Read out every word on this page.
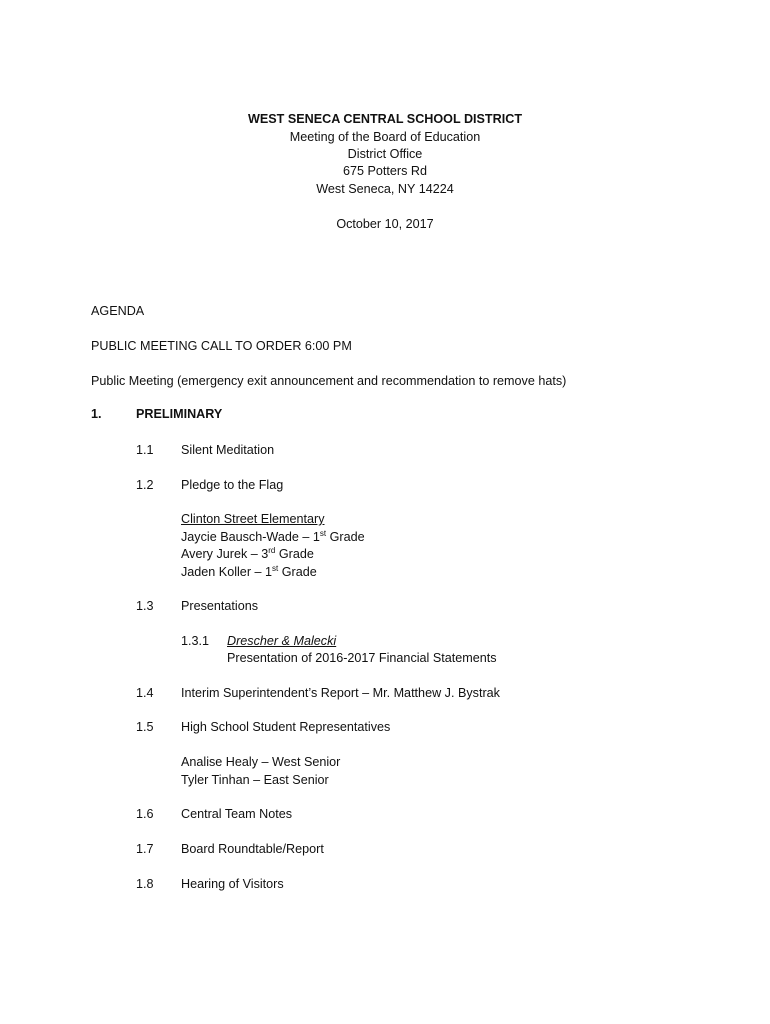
WEST SENECA CENTRAL SCHOOL DISTRICT
Meeting of the Board of Education
District Office
675 Potters Rd
West Seneca, NY 14224
October 10, 2017
AGENDA
PUBLIC MEETING CALL TO ORDER 6:00 PM
Public Meeting (emergency exit announcement and recommendation to remove hats)
1.	PRELIMINARY
1.1 Silent Meditation
1.2 Pledge to the Flag
Clinton Street Elementary
Jaycie Bausch-Wade – 1st Grade
Avery Jurek – 3rd Grade
Jaden Koller – 1st Grade
1.3 Presentations
1.3.1 Drescher & Malecki
Presentation of 2016-2017 Financial Statements
1.4 Interim Superintendent’s Report – Mr. Matthew J. Bystrak
1.5 High School Student Representatives
Analise Healy – West Senior
Tyler Tinhan – East Senior
1.6 Central Team Notes
1.7 Board Roundtable/Report
1.8 Hearing of Visitors
